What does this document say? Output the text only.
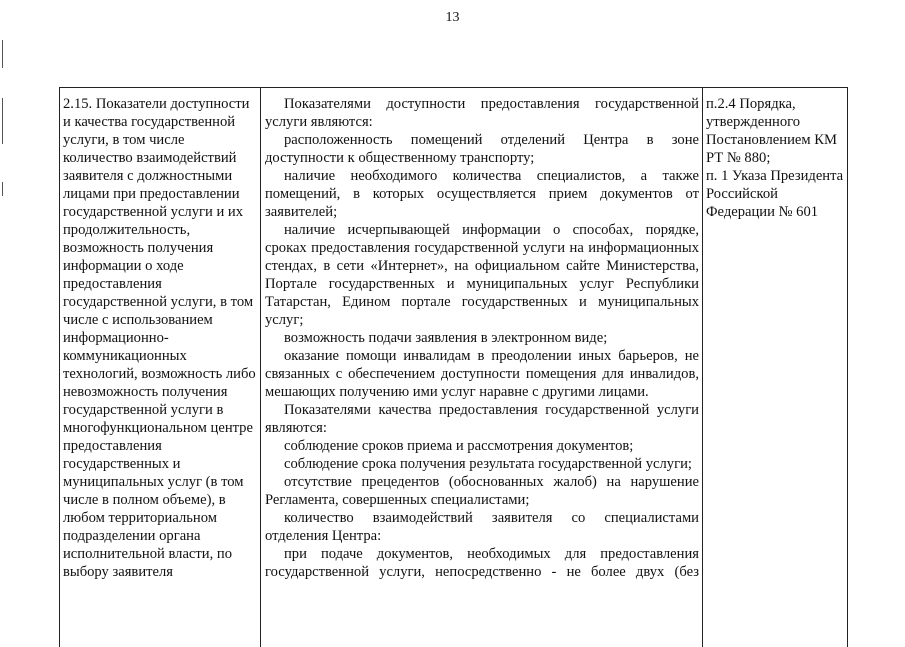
13

2.15. Показатели доступности и качества государственной услуги, в том числе количество взаимодействий заявителя с должностными лицами при предоставлении государственной услуги и их продолжительность, возможность получения информации о ходе предоставления государственной услуги, в том числе с использованием информационно-коммуникационных технологий, возможность либо невозможность получения государственной услуги в многофункциональном центре предоставления государственных и муниципальных услуг (в том числе в полном объеме), в любом территориальном подразделении органа исполнительной власти, по выбору заявителя

Показателями доступности предоставления государственной услуги являются:

расположенность помещений отделений Центра в зоне доступности к общественному транспорту;

наличие необходимого количества специалистов, а также помещений, в которых осуществляется прием документов от заявителей;

наличие исчерпывающей информации о способах, порядке, сроках предоставления государственной услуги на информационных стендах, в сети «Интернет», на официальном сайте Министерства, Портале государственных и муниципальных услуг Республики Татарстан, Едином портале государственных и муниципальных услуг;

возможность подачи заявления в электронном виде;

оказание помощи инвалидам в преодолении иных барьеров, не связанных с обеспечением доступности помещения для инвалидов, мешающих получению ими услуг наравне с другими лицами.

Показателями качества предоставления государственной услуги являются:

соблюдение сроков приема и рассмотрения документов;

соблюдение срока получения результата государственной услуги;

отсутствие прецедентов (обоснованных жалоб) на нарушение Регламента, совершенных специалистами;

количество взаимодействий заявителя со специалистами отделения Центра:

при подаче документов, необходимых для предоставления государственной услуги, непосредственно - не более двух (без

п.2.4 Порядка, утвержденного Постановлением КМ РТ № 880;

п. 1 Указа Президента Российской Федерации № 601
